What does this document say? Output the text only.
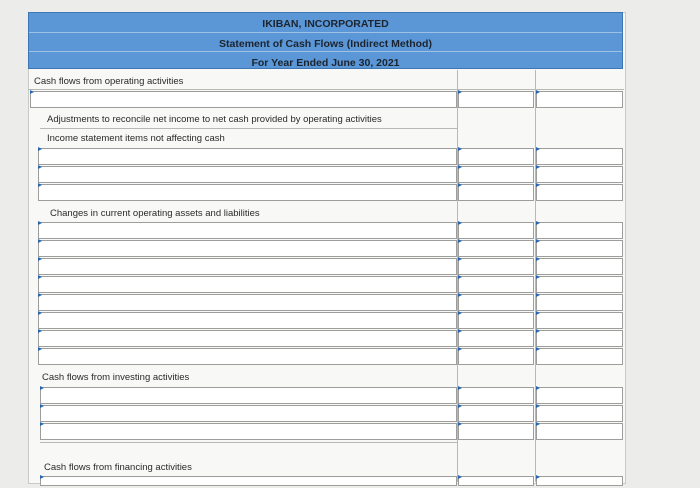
IKIBAN, INCORPORATED
Statement of Cash Flows (Indirect Method)
For Year Ended June 30, 2021
Cash flows from operating activities
Adjustments to reconcile net income to net cash provided by operating activities
Income statement items not affecting cash
Changes in current operating assets and liabilities
Cash flows from investing activities
Cash flows from financing activities
